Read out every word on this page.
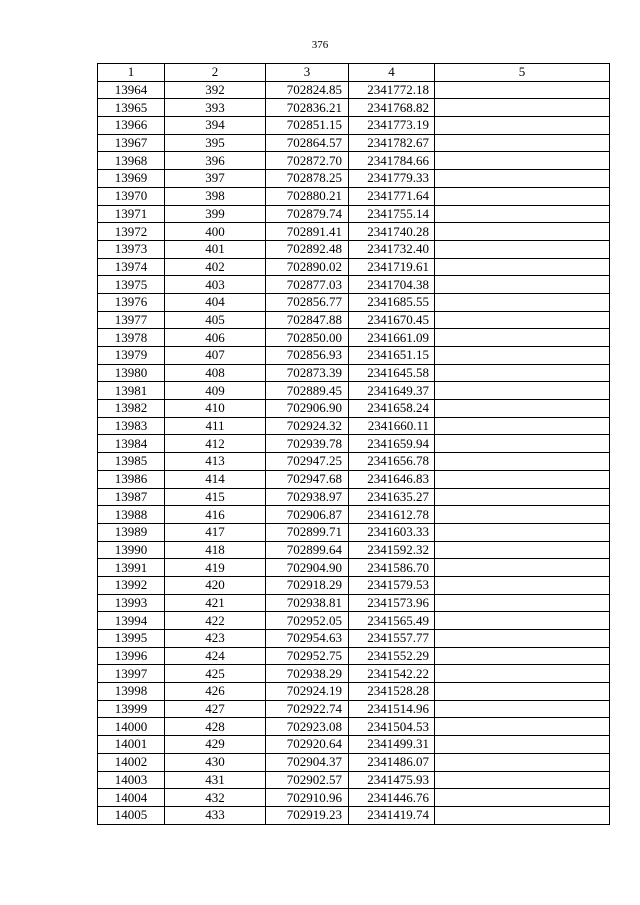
376
1	2	3	4	5
13964	392	702824.85	2341772.18	
13965	393	702836.21	2341768.82	
13966	394	702851.15	2341773.19	
13967	395	702864.57	2341782.67	
13968	396	702872.70	2341784.66	
13969	397	702878.25	2341779.33	
13970	398	702880.21	2341771.64	
13971	399	702879.74	2341755.14	
13972	400	702891.41	2341740.28	
13973	401	702892.48	2341732.40	
13974	402	702890.02	2341719.61	
13975	403	702877.03	2341704.38	
13976	404	702856.77	2341685.55	
13977	405	702847.88	2341670.45	
13978	406	702850.00	2341661.09	
13979	407	702856.93	2341651.15	
13980	408	702873.39	2341645.58	
13981	409	702889.45	2341649.37	
13982	410	702906.90	2341658.24	
13983	411	702924.32	2341660.11	
13984	412	702939.78	2341659.94	
13985	413	702947.25	2341656.78	
13986	414	702947.68	2341646.83	
13987	415	702938.97	2341635.27	
13988	416	702906.87	2341612.78	
13989	417	702899.71	2341603.33	
13990	418	702899.64	2341592.32	
13991	419	702904.90	2341586.70	
13992	420	702918.29	2341579.53	
13993	421	702938.81	2341573.96	
13994	422	702952.05	2341565.49	
13995	423	702954.63	2341557.77	
13996	424	702952.75	2341552.29	
13997	425	702938.29	2341542.22	
13998	426	702924.19	2341528.28	
13999	427	702922.74	2341514.96	
14000	428	702923.08	2341504.53	
14001	429	702920.64	2341499.31	
14002	430	702904.37	2341486.07	
14003	431	702902.57	2341475.93	
14004	432	702910.96	2341446.76	
14005	433	702919.23	2341419.74	
